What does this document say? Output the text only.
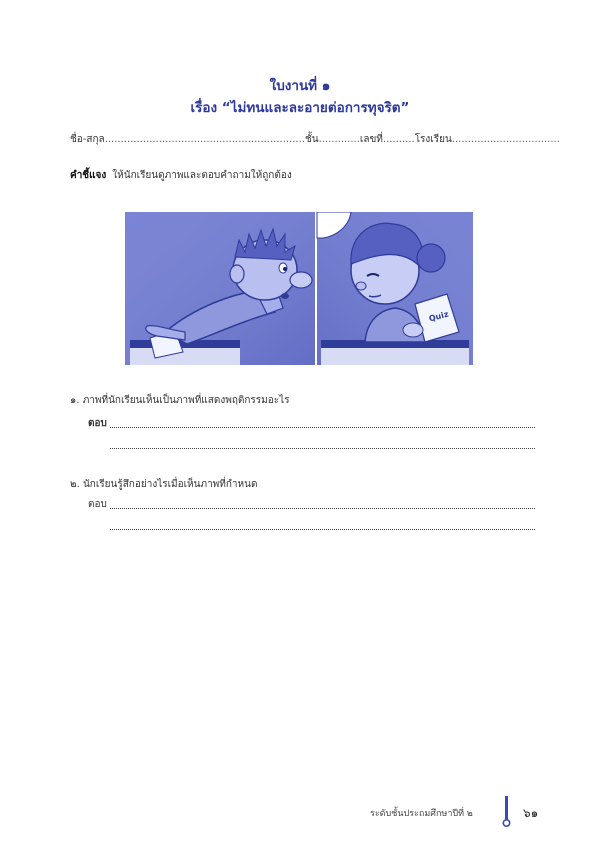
ใบงานที่ ๑
เรื่อง “ไม่ทนและละอายต่อการทุจริต”
ชื่อ-สกุล...............................................................ชั้น.............เลขที่..........โรงเรียน..................................
คำชี้แจง ให้นักเรียนดูภาพและตอบคำถามให้ถูกต้อง
Quiz
๑. ภาพที่นักเรียนเห็นเป็นภาพที่แสดงพฤติกรรมอะไร
ตอบ
๒. นักเรียนรู้สึกอย่างไรเมื่อเห็นภาพที่กำหนด
ตอบ
ระดับชั้นประถมศึกษาปีที่ ๒	๖๑
